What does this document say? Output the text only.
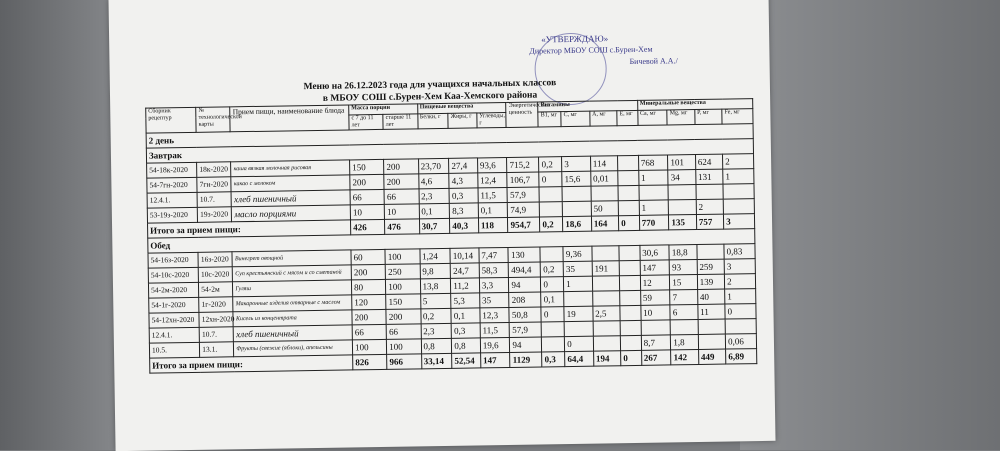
«УТВЕРЖДАЮ»
Директор МБОУ СОШ с.Бурен-Хем
Бичевой А.А./
Меню на 26.12.2023 года для учащихся начальных классов
в МБОУ СОШ с.Бурен-Хем Каа-Хемского района
Сборник рецептур	№ технологической карты	Прием пищи, наименование блюда	Масса порции		Пищевые вещества			Энергетическая ценность	Витамины				Минеральные вещества			
			с 7 до 11 лет	старше 11 лет	Белки, г	Жиры, г	Углеводы, г		B1, мг	С, мг	А, мг	Е, мг	Са, мг	Mg, мг	Р, мг	Fe, мг
2 день																
Завтрак																
54-18к-2020	18к-2020	каша вязкая молочная рисовая	150	200	23,70	27,4	93,6	715,2	0,2	3	114		768	101	624	2
54-7гн-2020	7гн-2020	какао с молоком	200	200	4,6	4,3	12,4	106,7	0	15,6	0,01		1	34	131	1
12.4.1.	10.7.	хлеб пшеничный	66	66	2,3	0,3	11,5	57,9								
53-19з-2020	19з-2020	масло порциями	10	10	0,1	8,3	0,1	74,9			50		1		2	
Итого за прием пищи:			426	476	30,7	40,3	118	954,7	0,2	18,6	164	0	770	135	757	3
Обед																
54-16з-2020	16з-2020	Винегрет овощной	60	100	1,24	10,14	7,47	130		9,36			30,6	18,8		0,83
54-10с-2020	10с-2020	Суп крестьянский с мясом и со сметаной	200	250	9,8	24,7	58,3	494,4	0,2	35	191		147	93	259	3
54-2м-2020	54-2м	Гуляш	80	100	13,8	11,2	3,3	94	0	1			12	15	139	2
54-1г-2020	1г-2020	Макаронные изделия отварные с маслом	120	150	5	5,3	35	208	0,1				59	7	40	1
54-12хн-2020	12хн-2020	Кисель из концентрата	200	200	0,2	0,1	12,3	50,8	0	19	2,5		10	6	11	0
12.4.1.	10.7.	хлеб пшеничный	66	66	2,3	0,3	11,5	57,9								
10.5.	13.1.	Фрукты (свежие (яблоки), апельсины	100	100	0,8	0,8	19,6	94		0			8,7	1,8		0,06
Итого за прием пищи:			826	966	33,14	52,54	147	1129	0,3	64,4	194	0	267	142	449	6,89
